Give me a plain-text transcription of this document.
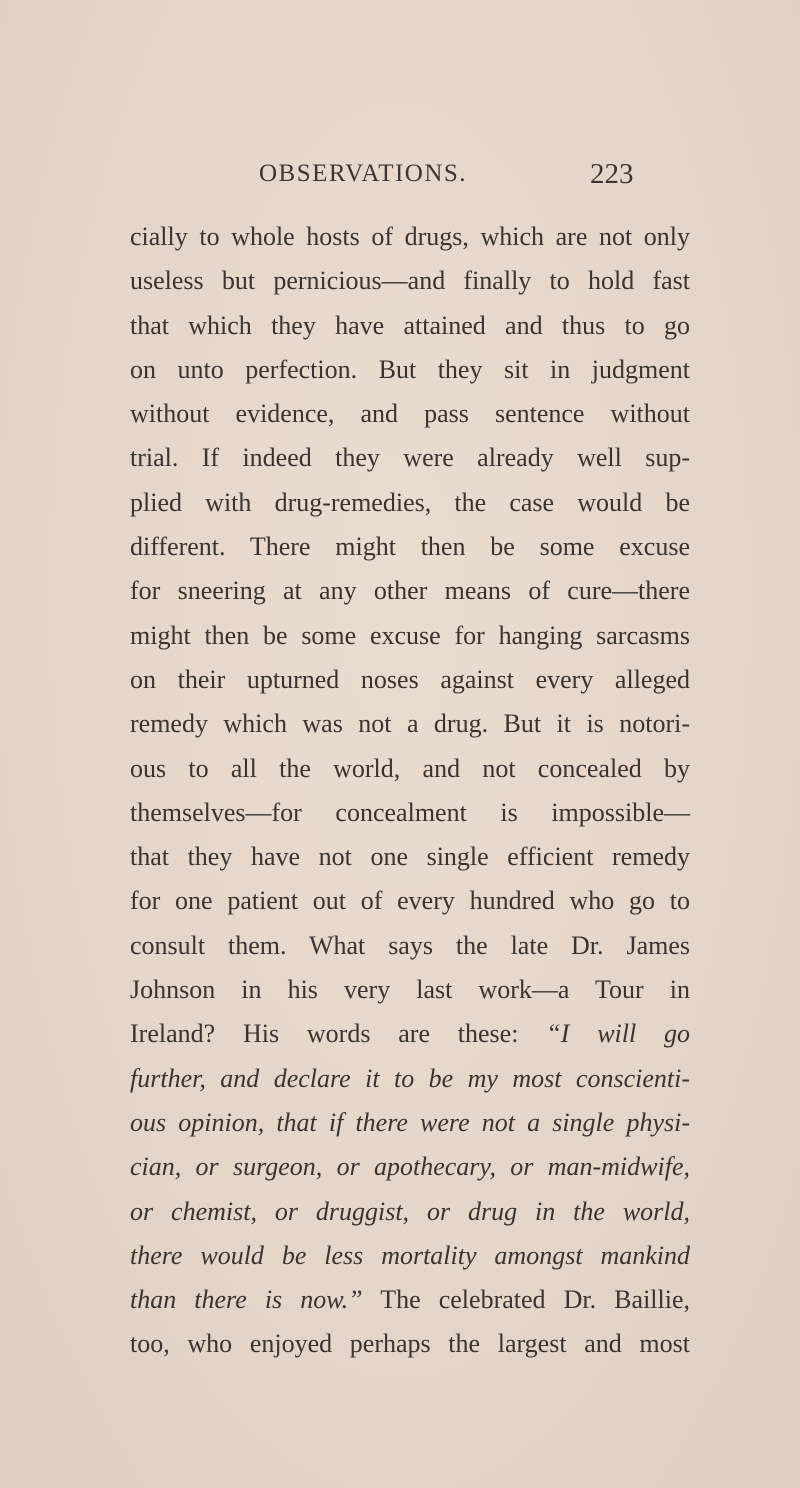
OBSERVATIONS.	223
cially to whole hosts of drugs, which are not only
useless but pernicious—and finally to hold fast
that which they have attained and thus to go
on unto perfection. But they sit in judgment
without evidence, and pass sentence without
trial. If indeed they were already well sup-
plied with drug-remedies, the case would be
different. There might then be some excuse
for sneering at any other means of cure—there
might then be some excuse for hanging sarcasms
on their upturned noses against every alleged
remedy which was not a drug. But it is notori-
ous to all the world, and not concealed by
themselves—for concealment is impossible—
that they have not one single efficient remedy
for one patient out of every hundred who go to
consult them. What says the late Dr. James
Johnson in his very last work—a Tour in
Ireland? His words are these: “I will go
further, and declare it to be my most conscienti-
ous opinion, that if there were not a single physi-
cian, or surgeon, or apothecary, or man-midwife,
or chemist, or druggist, or drug in the world,
there would be less mortality amongst mankind
than there is now.” The celebrated Dr. Baillie,
too, who enjoyed perhaps the largest and most
